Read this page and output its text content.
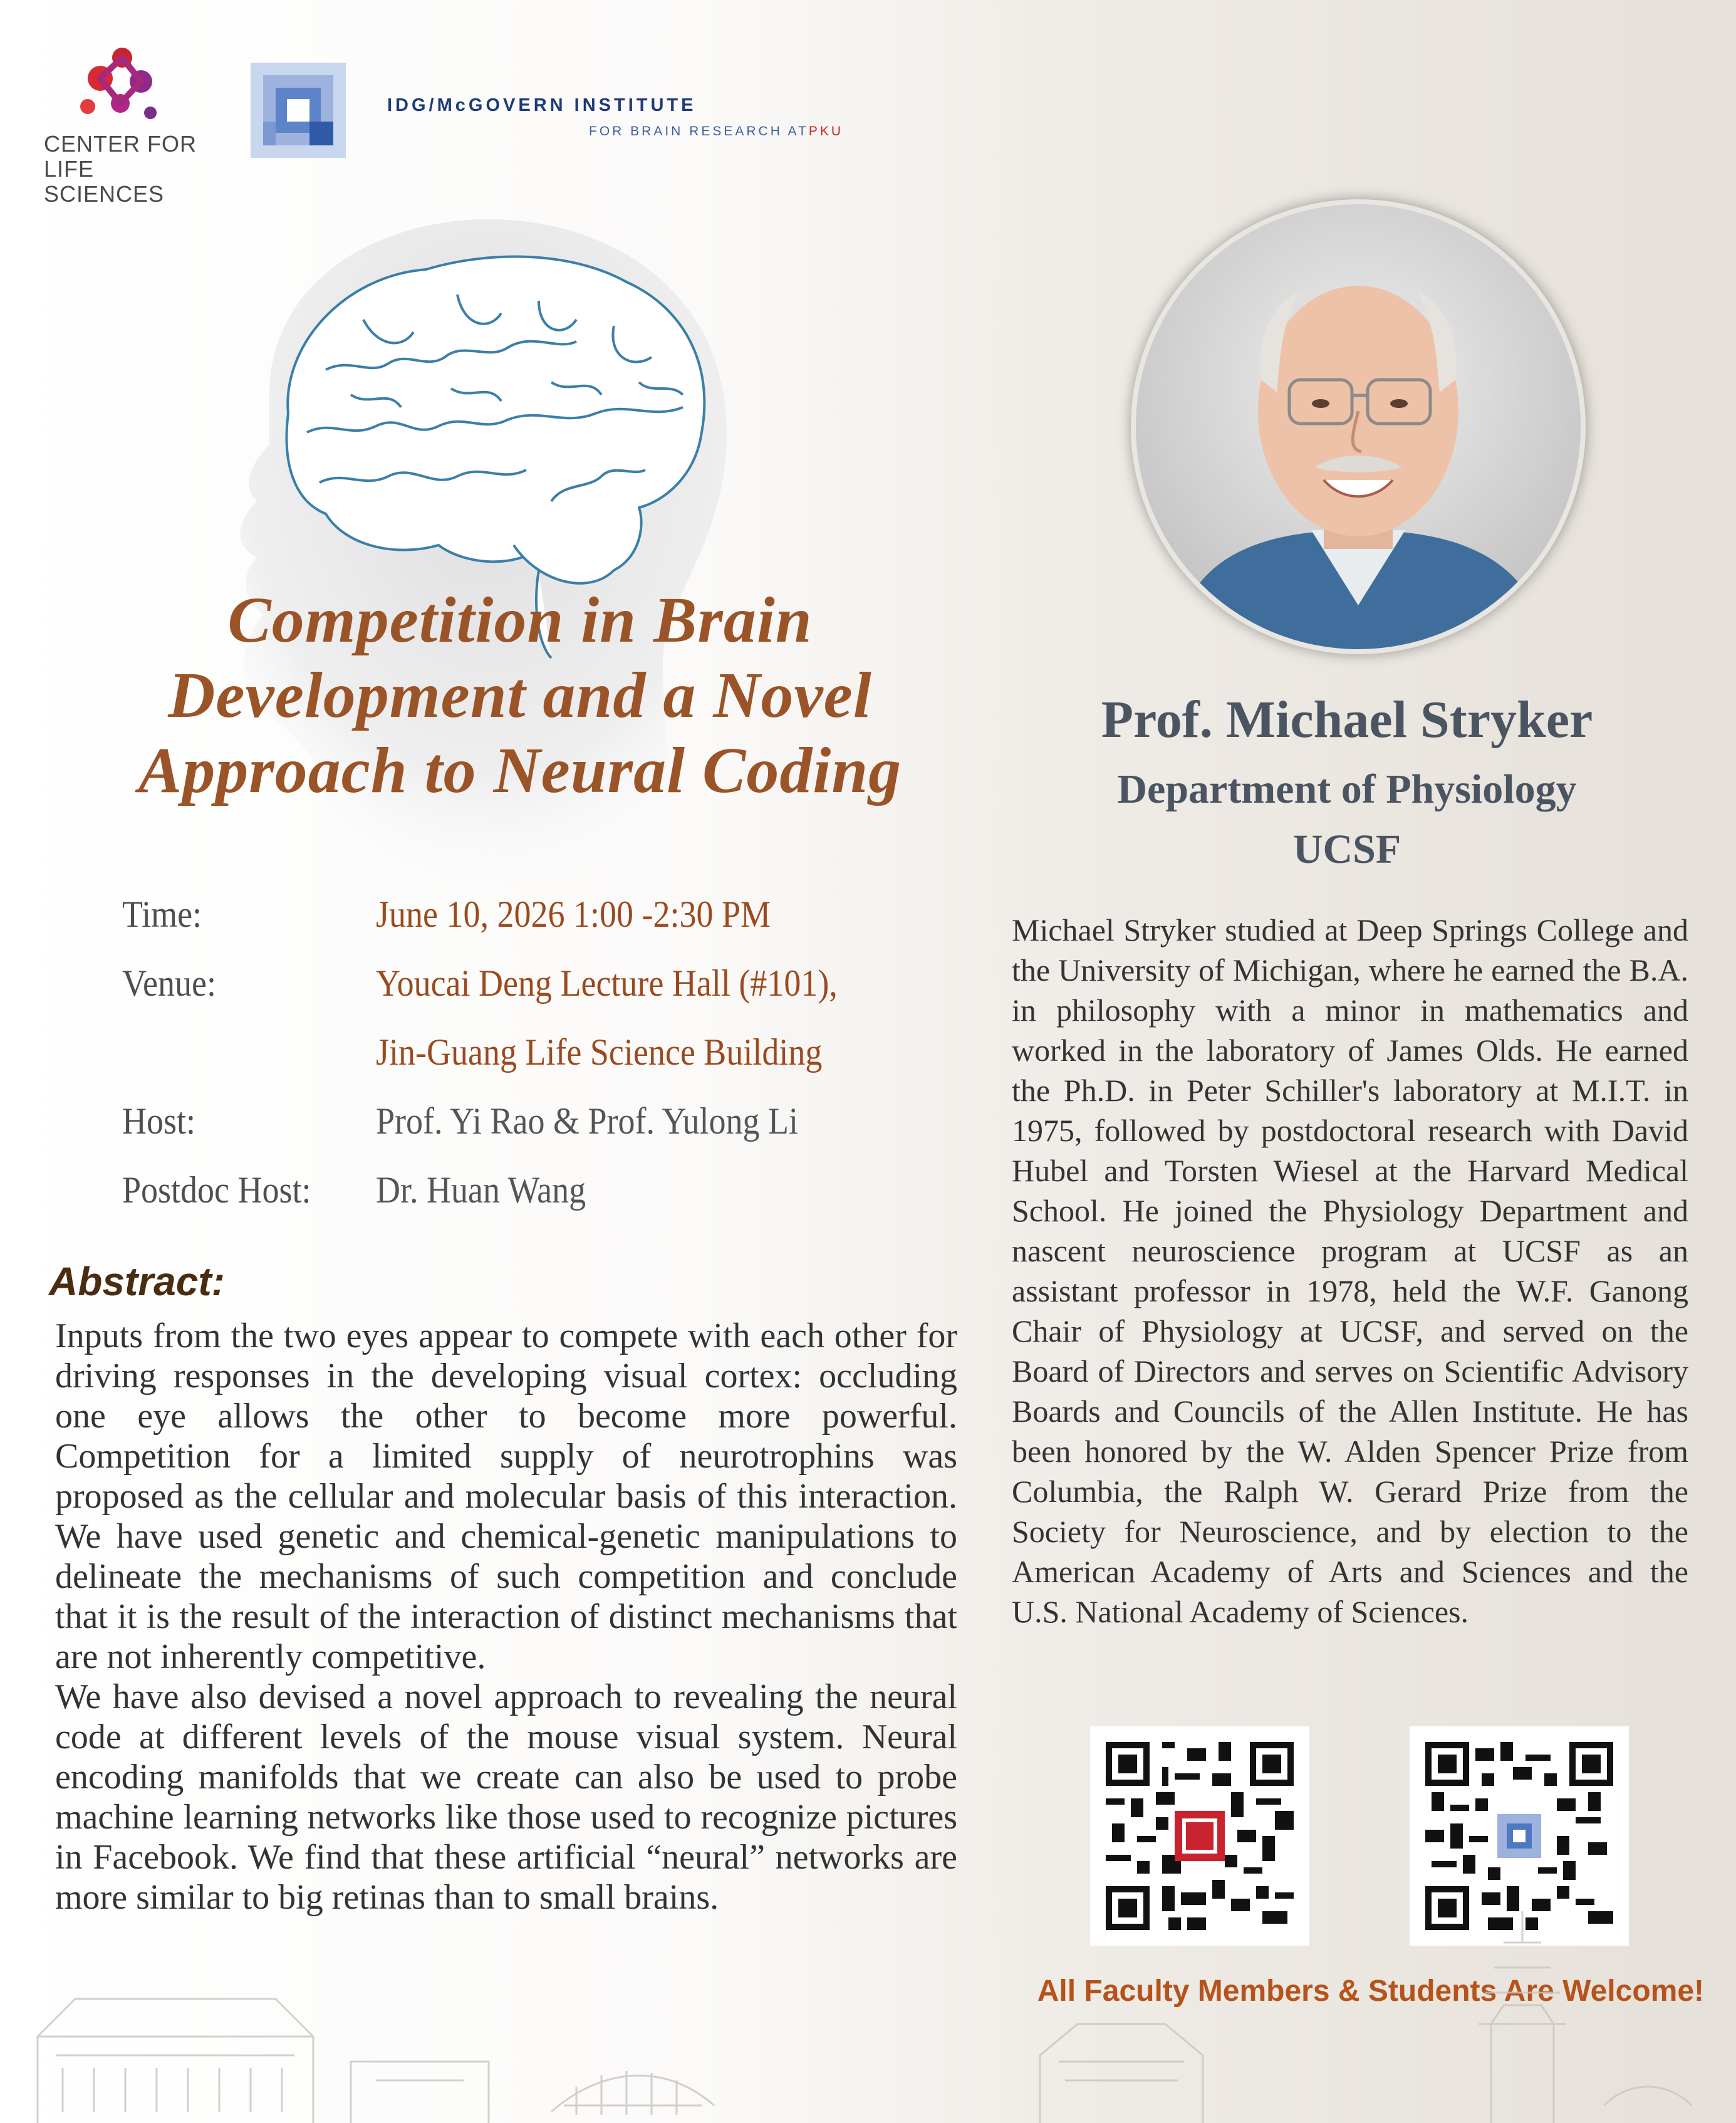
CENTER FOR
LIFE SCIENCES
IDG/McGOVERN INSTITUTE
FOR BRAIN RESEARCH ATPKU
Competition in Brain
Development and a Novel
Approach to Neural Coding
Time:	June 10, 2026 1:00 -2:30 PM
Venue:	Youcai Deng Lecture Hall (#101),
Jin-Guang Life Science Building
Host:	Prof. Yi Rao & Prof. Yulong Li
Postdoc Host: Dr. Huan Wang
Abstract:

Inputs from the two eyes appear to compete with each other for driving responses in the developing visual cortex: occluding one eye allows the other to become more powerful. Competition for a limited supply of neurotrophins was proposed as the cellular and molecular basis of this interaction. We have used genetic and chemical-genetic manipulations to delineate the mechanisms of such competition and conclude that it is the result of the interaction of distinct mechanisms that are not inherently competitive.

We have also devised a novel approach to revealing the neural code at different levels of the mouse visual system. Neural encoding manifolds that we create can also be used to probe machine learning networks like those used to recognize pictures in Facebook. We find that these artificial “neural” networks are more similar to big retinas than to small brains.

Prof. Michael Stryker
Department of Physiology
UCSF
Michael Stryker studied at Deep Springs College and the University of Michigan, where he earned the B.A. in philosophy with a minor in mathematics and worked in the laboratory of James Olds. He earned the Ph.D. in Peter Schiller's laboratory at M.I.T. in 1975, followed by postdoctoral research with David Hubel and Torsten Wiesel at the Harvard Medical School. He joined the Physiology Department and nascent neuroscience program at UCSF as an assistant professor in 1978, held the W.F. Ganong Chair of Physiology at UCSF, and served on the Board of Directors and serves on Scientific Advisory Boards and Councils of the Allen Institute. He has been honored by the W. Alden Spencer Prize from Columbia, the Ralph W. Gerard Prize from the Society for Neuroscience, and by election to the American Academy of Arts and Sciences and the U.S. National Academy of Sciences.
All Faculty Members & Students Are Welcome!
